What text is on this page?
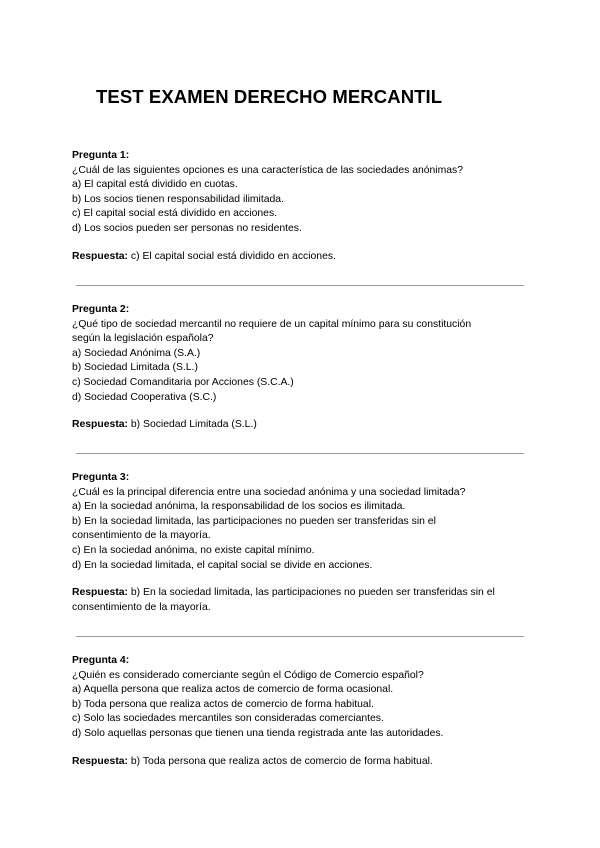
TEST EXAMEN DERECHO MERCANTIL
Pregunta 1:
¿Cuál de las siguientes opciones es una característica de las sociedades anónimas?
a) El capital está dividido en cuotas.
b) Los socios tienen responsabilidad ilimitada.
c) El capital social está dividido en acciones.
d) Los socios pueden ser personas no residentes.
Respuesta: c) El capital social está dividido en acciones.
Pregunta 2:
¿Qué tipo de sociedad mercantil no requiere de un capital mínimo para su constitución
según la legislación española?
a) Sociedad Anónima (S.A.)
b) Sociedad Limitada (S.L.)
c) Sociedad Comanditaria por Acciones (S.C.A.)
d) Sociedad Cooperativa (S.C.)
Respuesta: b) Sociedad Limitada (S.L.)
Pregunta 3:
¿Cuál es la principal diferencia entre una sociedad anónima y una sociedad limitada?
a) En la sociedad anónima, la responsabilidad de los socios es ilimitada.
b) En la sociedad limitada, las participaciones no pueden ser transferidas sin el
consentimiento de la mayoría.
c) En la sociedad anónima, no existe capital mínimo.
d) En la sociedad limitada, el capital social se divide en acciones.
Respuesta: b) En la sociedad limitada, las participaciones no pueden ser transferidas sin el
consentimiento de la mayoría.
Pregunta 4:
¿Quién es considerado comerciante según el Código de Comercio español?
a) Aquella persona que realiza actos de comercio de forma ocasional.
b) Toda persona que realiza actos de comercio de forma habitual.
c) Solo las sociedades mercantiles son consideradas comerciantes.
d) Solo aquellas personas que tienen una tienda registrada ante las autoridades.
Respuesta: b) Toda persona que realiza actos de comercio de forma habitual.
